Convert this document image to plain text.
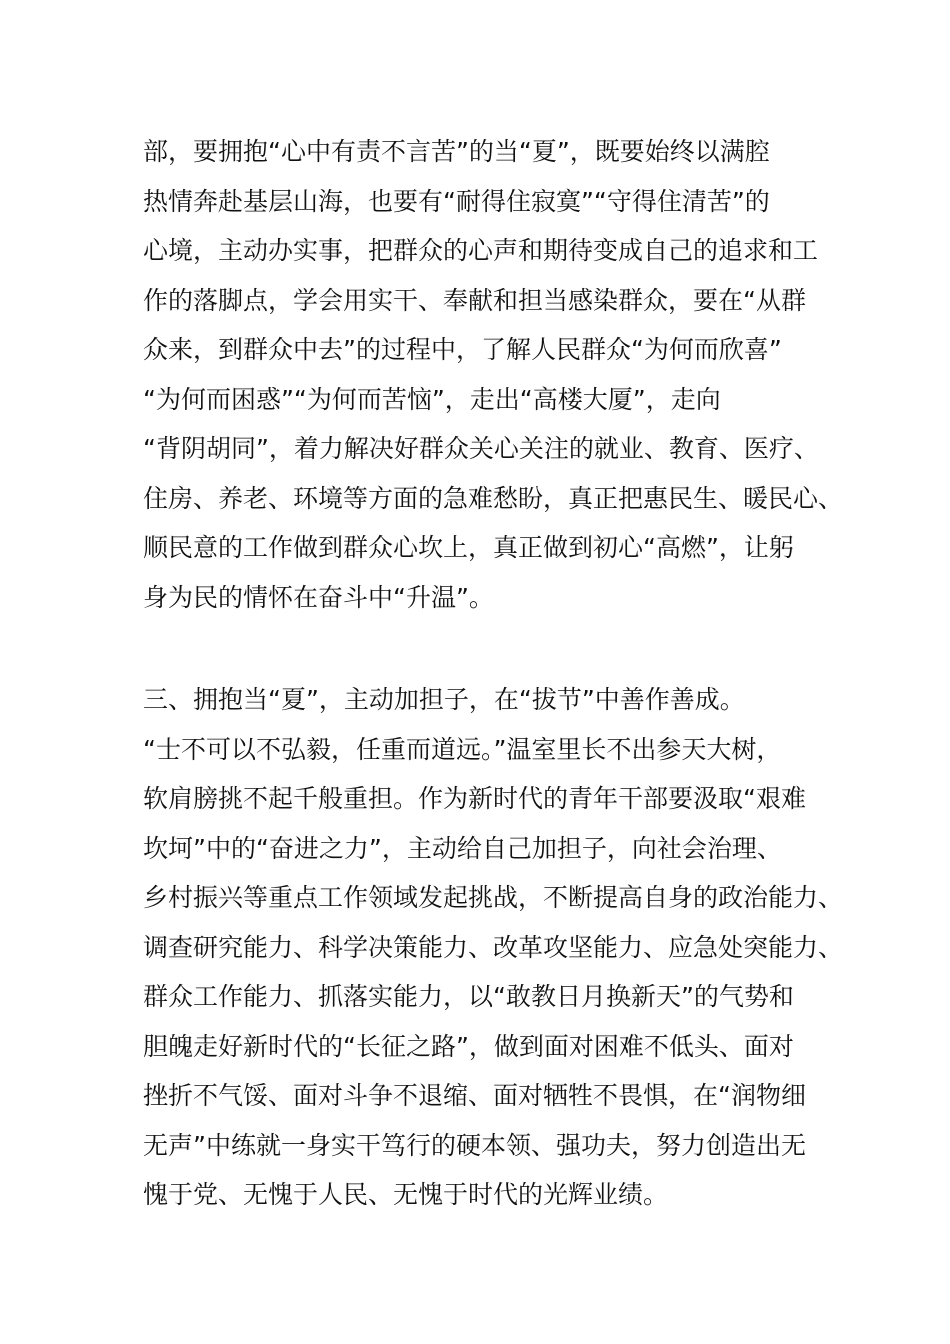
部，要拥抱“心中有责不言苦”的当“夏”，既要始终以满腔
热情奔赴基层山海，也要有“耐得住寂寞”“守得住清苦”的
心境，主动办实事，把群众的心声和期待变成自己的追求和工
作的落脚点，学会用实干、奉献和担当感染群众，要在“从群
众来，到群众中去”的过程中，了解人民群众“为何而欣喜”
“为何而困惑”“为何而苦恼”，走出“高楼大厦”，走向
“背阴胡同”，着力解决好群众关心关注的就业、教育、医疗、
住房、养老、环境等方面的急难愁盼，真正把惠民生、暖民心、
顺民意的工作做到群众心坎上，真正做到初心“高燃”，让躬
身为民的情怀在奋斗中“升温”。

三、拥抱当“夏”，主动加担子，在“拔节”中善作善成。
“士不可以不弘毅，任重而道远。”温室里长不出参天大树，
软肩膀挑不起千般重担。作为新时代的青年干部要汲取“艰难
坎坷”中的“奋进之力”，主动给自己加担子，向社会治理、
乡村振兴等重点工作领域发起挑战，不断提高自身的政治能力、
调查研究能力、科学决策能力、改革攻坚能力、应急处突能力、
群众工作能力、抓落实能力，以“敢教日月换新天”的气势和
胆魄走好新时代的“长征之路”，做到面对困难不低头、面对
挫折不气馁、面对斗争不退缩、面对牺牲不畏惧，在“润物细
无声”中练就一身实干笃行的硬本领、强功夫，努力创造出无
愧于党、无愧于人民、无愧于时代的光辉业绩。
